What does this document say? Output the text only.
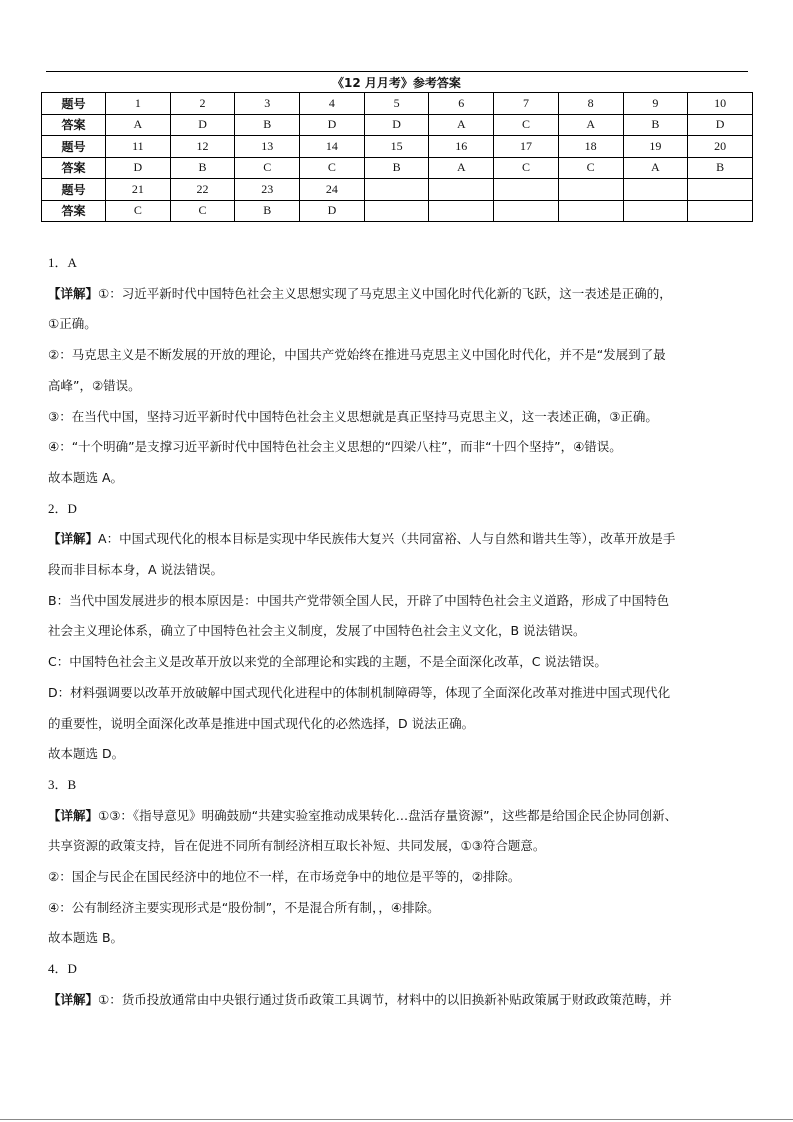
《12 月月考》参考答案
题号	1	2	3	4	5	6	7	8	9	10
答案	A	D	B	D	D	A	C	A	B	D
题号	11	12	13	14	15	16	17	18	19	20
答案	D	B	C	C	B	A	C	C	A	B
题号	21	22	23	24						
答案	C	C	B	D						

1．A

【详解】①：习近平新时代中国特色社会主义思想实现了马克思主义中国化时代化新的飞跃，这一表述是正确的，

①正确。

②：马克思主义是不断发展的开放的理论，中国共产党始终在推进马克思主义中国化时代化，并不是“发展到了最

高峰”，②错误。

③：在当代中国，坚持习近平新时代中国特色社会主义思想就是真正坚持马克思主义，这一表述正确，③正确。

④：“十个明确”是支撑习近平新时代中国特色社会主义思想的“四梁八柱”，而非“十四个坚持”，④错误。

故本题选 A。

2．D

【详解】A：中国式现代化的根本目标是实现中华民族伟大复兴（共同富裕、人与自然和谐共生等），改革开放是手

段而非目标本身，A 说法错误。

B：当代中国发展进步的根本原因是：中国共产党带领全国人民，开辟了中国特色社会主义道路，形成了中国特色

社会主义理论体系，确立了中国特色社会主义制度，发展了中国特色社会主义文化，B 说法错误。

C：中国特色社会主义是改革开放以来党的全部理论和实践的主题，不是全面深化改革，C 说法错误。

D：材料强调要以改革开放破解中国式现代化进程中的体制机制障碍等，体现了全面深化改革对推进中国式现代化

的重要性，说明全面深化改革是推进中国式现代化的必然选择，D 说法正确。

故本题选 D。

3．B

【详解】①③：《指导意见》明确鼓励“共建实验室推动成果转化…盘活存量资源”，这些都是给国企民企协同创新、

共享资源的政策支持，旨在促进不同所有制经济相互取长补短、共同发展，①③符合题意。

②：国企与民企在国民经济中的地位不一样，在市场竞争中的地位是平等的，②排除。

④：公有制经济主要实现形式是“股份制”，不是混合所有制，，④排除。

故本题选 B。

4．D

【详解】①：货币投放通常由中央银行通过货币政策工具调节，材料中的以旧换新补贴政策属于财政政策范畴，并
